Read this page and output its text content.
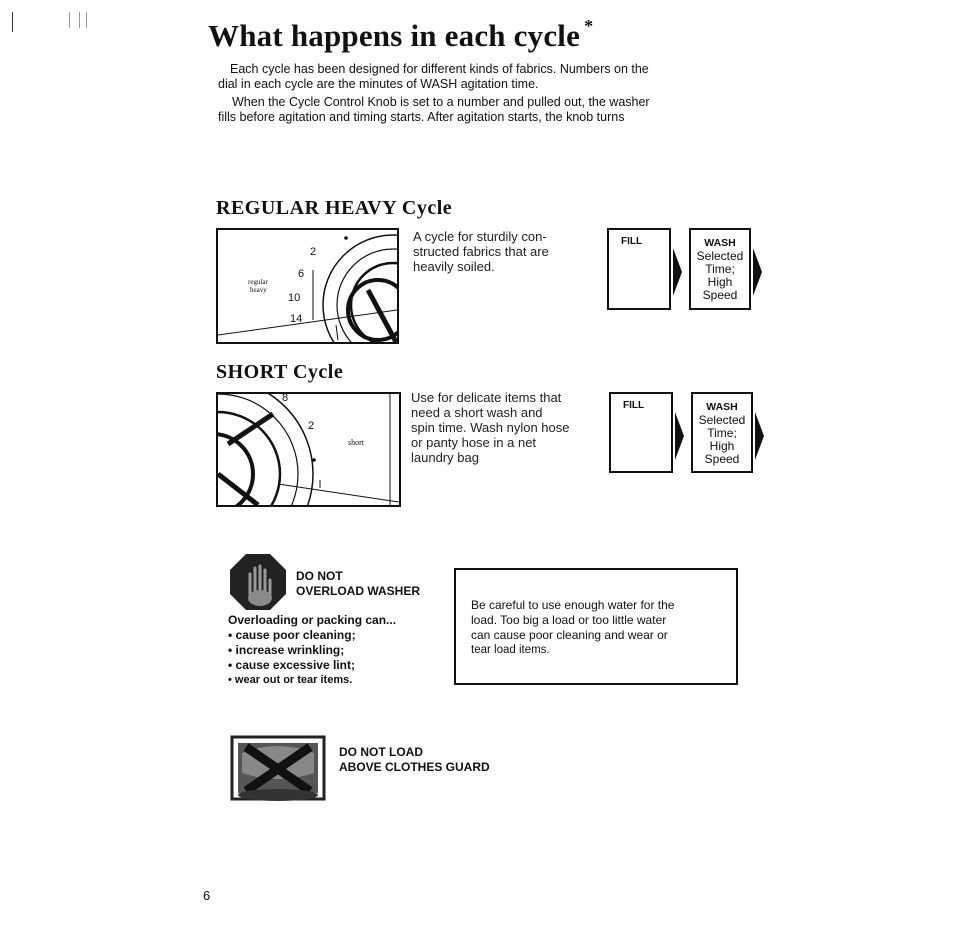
What happens in each cycle *
Each cycle has been designed for different kinds of fabrics. Numbers on the
dial in each cycle are the minutes of WASH agitation time.
When the Cycle Control Knob is set to a number and pulled out, the washer
fills before agitation and timing starts. After agitation starts, the knob turns
REGULAR HEAVY Cycle
2
6
10
14
regular
heavy
A cycle for sturdily con-
structed fabrics that are
heavily soiled.
FILL	WASH
Selected
Time;
High
Speed
SHORT Cycle
8
2
short
Use for delicate items that
need a short wash and
spin time. Wash nylon hose
or panty hose in a net
laundry bag
FILL	WASH
Selected
Time;
High
Speed
DO NOT
OVERLOAD WASHER
Overloading or packing can...
• cause poor cleaning;
• increase wrinkling;
• cause excessive lint;
• wear out or tear items.
Be careful to use enough water for the
load. Too big a load or too little water
can cause poor cleaning and wear or
tear load items.
DO NOT LOAD
ABOVE CLOTHES GUARD
6
